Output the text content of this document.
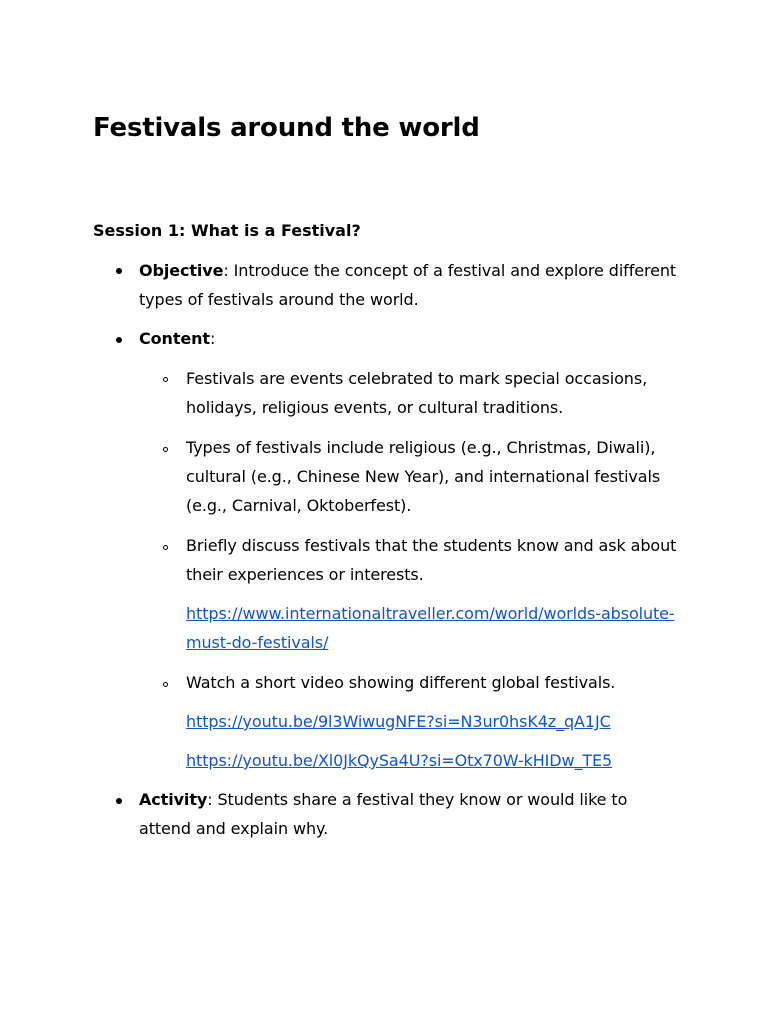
Festivals around the world
Session 1: What is a Festival?

Objective: Introduce the concept of a festival and explore different types of festivals around the world.

Content:

Festivals are events celebrated to mark special occasions, holidays, religious events, or cultural traditions.

Types of festivals include religious (e.g., Christmas, Diwali), cultural (e.g., Chinese New Year), and international festivals (e.g., Carnival, Oktoberfest).

Briefly discuss festivals that the students know and ask about their experiences or interests.

https://www.internationaltraveller.com/world/worlds-absolute-must-do-festivals/

Watch a short video showing different global festivals.

https://youtu.be/9l3WiwugNFE?si=N3ur0hsK4z_qA1JC

https://youtu.be/Xl0JkQySa4U?si=Otx70W-kHIDw_TE5

Activity: Students share a festival they know or would like to attend and explain why.
